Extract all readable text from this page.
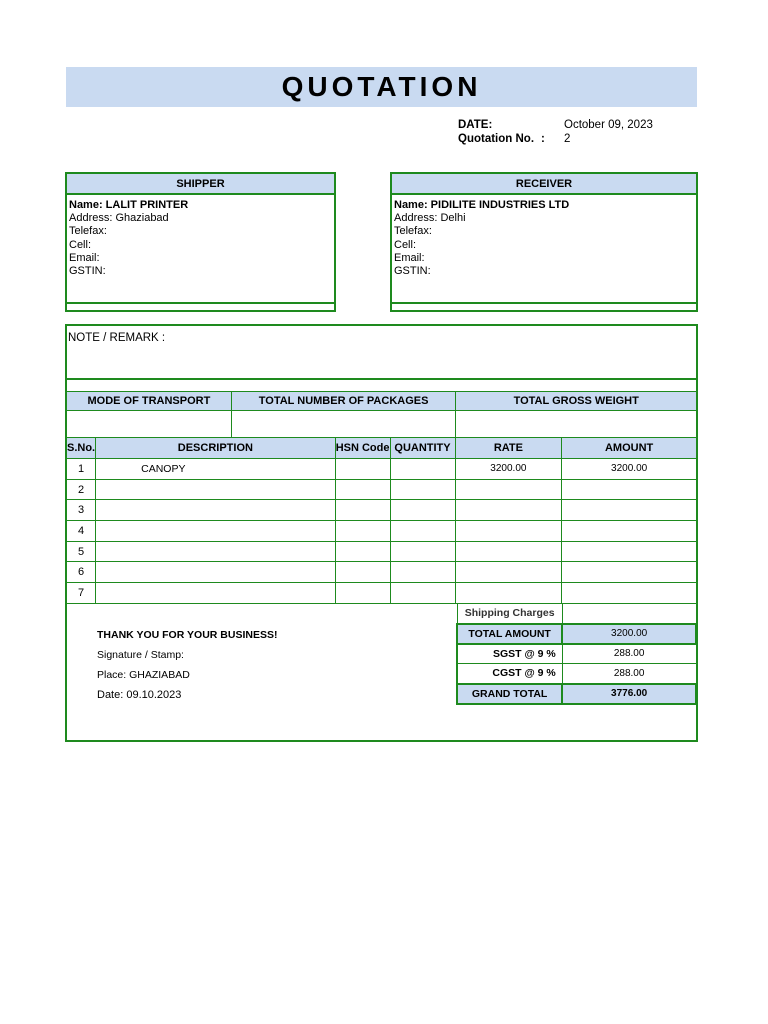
QUOTATION
DATE:	October 09, 2023
Quotation No. : 2
SHIPPER
Name: LALIT PRINTER
Address: Ghaziabad
Telefax:
Cell:
Email:
GSTIN:
RECEIVER
Name: PIDILITE INDUSTRIES LTD
Address: Delhi
Telefax:
Cell:
Email:
GSTIN:
NOTE / REMARK :
MODE OF TRANSPORT	TOTAL NUMBER OF PACKAGES	TOTAL GROSS WEIGHT

S.No.	DESCRIPTION	HSN Code	QUANTITY	RATE	AMOUNT
1	CANOPY			3200.00	3200.00
2					
3					
4					
5					
6					
7					
THANK YOU FOR YOUR BUSINESS!
Signature / Stamp:
Place: GHAZIABAD
Date: 09.10.2023
Shipping Charges	
TOTAL AMOUNT	3200.00
SGST @ 9 %	288.00
CGST @ 9 %	288.00
GRAND TOTAL	3776.00
